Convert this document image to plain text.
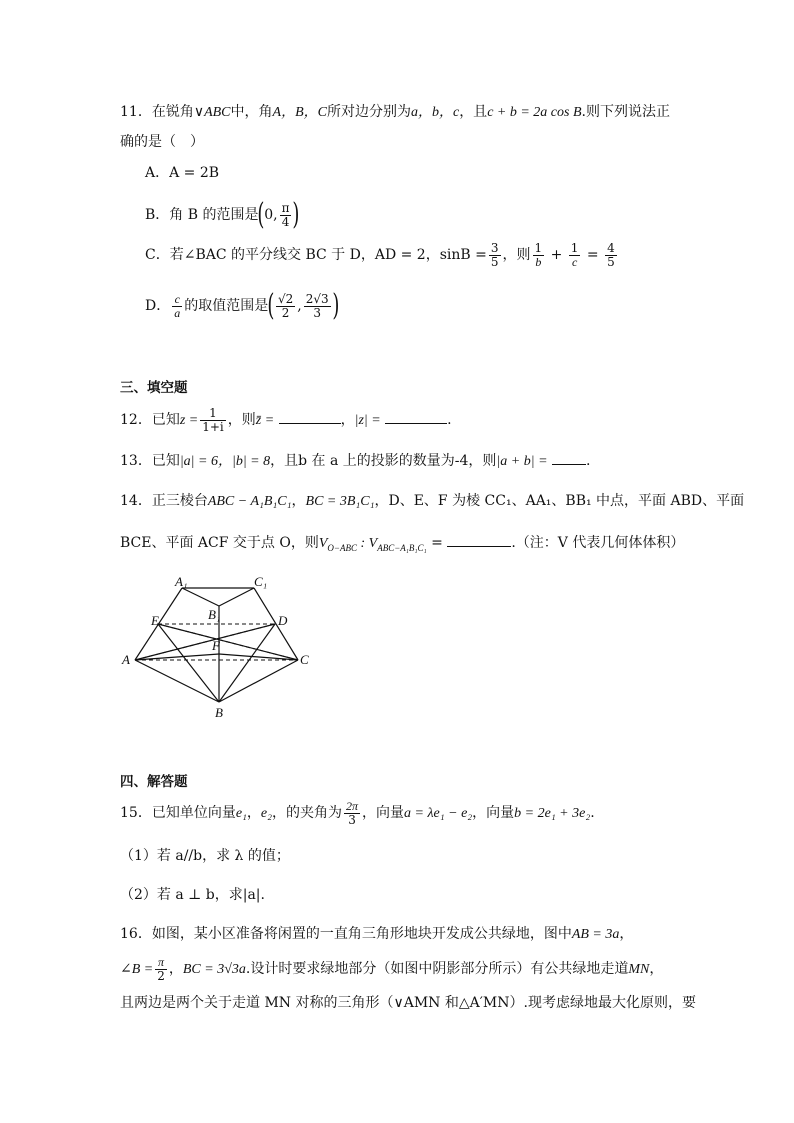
11．在锐角∨ABC中，角A，B，C所对边分别为a，b，c，且c + b = 2a cos B.则下列说法正
确的是（　）
A．A = 2B
B．角 B 的范围是(0, $\frac{\pi}{4}$ )
C．若∠BAC 的平分线交 BC 于 D，AD = 2，$\sin B = \frac{3}{5}$ ，则 $\frac{1}{b} + \frac{1}{c} = \frac{4}{5}$
D． $\frac{c}{a}$ 的取值范围是( $\frac{√2}{2}$ , $\frac{2√3}{3}$ )
三、填空题
12．已知$z = \frac{1}{1+i}$ ，则z̄ =	，|z| =	.
13．已知|a| = 6，|b| = 8，且b 在 a 上的投影的数量为-4，则|a + b| =	.
14．正三棱台ABC − A₁B₁C₁，BC = 3B₁C₁，D、E、F 为棱 CC₁、AA₁、BB₁ 中点，平面 ABD、平面
BCE、平面 ACF 交于点 O，则$V_{O-ABC}$ : $V_{ABC-A_1B_1C_1}$ =	.（注：V 代表几何体体积）
A₁	C₁
B₁
E	D
F
A	C
B
四、解答题
15．已知单位向量e₁，e₂，的夹角为 $\frac{2\pi}{3}$ ，向量a = λe₁ − e₂，向量b = 2e₁ + 3e₂.
（1）若 a//b，求 λ 的值；
（2）若 a ⊥ b，求|a|.
16．如图，某小区准备将闲置的一直角三角形地块开发成公共绿地，图中AB = 3a，
∠B = $\frac{\pi}{2}$ ，BC = 3√3a.设计时要求绿地部分（如图中阴影部分所示）有公共绿地走道MN，
且两边是两个关于走道 MN 对称的三角形（∨AMN 和△A′MN）.现考虑绿地最大化原则，要
